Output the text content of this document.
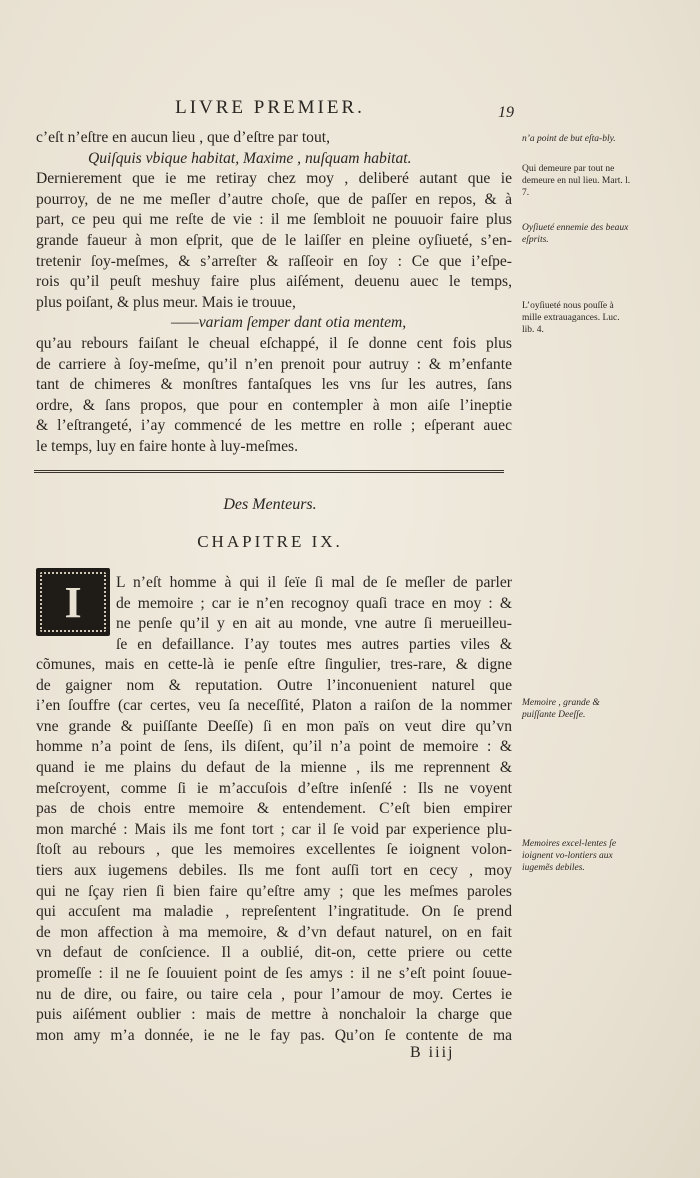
LIVRE PREMIER.	19
c’eſt n’eſtre en aucun lieu , que d’eſtre par tout,
Quiſquis vbique habitat, Maxime , nuſquam habitat.
Dernierement que ie me retiray chez moy , deliberé autant que ie
pourroy, de ne me meſler d’autre choſe, que de paſſer en repos, & à
part, ce peu qui me reſte de vie : il me ſembloit ne pouuoir faire plus
grande faueur à mon eſprit, que de le laiſſer en pleine oyſiueté, s’en-
tretenir ſoy-meſmes, & s’arreſter & raſſeoir en ſoy : Ce que i’eſpe-
rois qu’il peuſt meshuy faire plus aiſément, deuenu auec le temps,
plus poiſant, & plus meur. Mais ie trouue,
——variam ſemper dant otia mentem,
qu’au rebours faiſant le cheual eſchappé, il ſe donne cent fois plus
de carriere à ſoy-meſme, qu’il n’en prenoit pour autruy : & m’enfante
tant de chimeres & monſtres fantaſques les vns ſur les autres, ſans
ordre, & ſans propos, que pour en contempler à mon aiſe l’ineptie
& l’eſtrangeté, i’ay commencé de les mettre en rolle ; eſperant auec
le temps, luy en faire honte à luy-meſmes.
Des Menteurs.
CHAPITRE IX.
I L n’eſt homme à qui il ſeïe ſi mal de ſe meſler de parler
de memoire ; car ie n’en recognoy quaſi trace en moy : &
ne penſe qu’il y en ait au monde, vne autre ſi merueilleu-
ſe en defaillance. I’ay toutes mes autres parties viles &
cõmunes, mais en cette-là ie penſe eſtre ſingulier, tres-rare, & digne
de gaigner nom & reputation. Outre l’inconuenient naturel que
i’en ſouffre (car certes, veu ſa neceſſité, Platon a raiſon de la nommer
vne grande & puiſſante Deeſſe) ſi en mon païs on veut dire qu’vn
homme n’a point de ſens, ils diſent, qu’il n’a point de memoire : &
quand ie me plains du defaut de la mienne , ils me reprennent &
meſcroyent, comme ſi ie m’accuſois d’eſtre inſenſé : Ils ne voyent
pas de chois entre memoire & entendement. C’eſt bien empirer
mon marché : Mais ils me font tort ; car il ſe void par experience plu-
ſtoſt au rebours , que les memoires excellentes ſe ioignent volon-
tiers aux iugemens debiles. Ils me font auſſi tort en cecy , moy
qui ne ſçay rien ſi bien faire qu’eſtre amy ; que les meſmes paroles
qui accuſent ma maladie , repreſentent l’ingratitude. On ſe prend
de mon affection à ma memoire, & d’vn defaut naturel, on en fait
vn defaut de conſcience. Il a oublié, dit-on, cette priere ou cette
promeſſe : il ne ſe ſouuient point de ſes amys : il ne s’eſt point ſouue-
nu de dire, ou faire, ou taire cela , pour l’amour de moy. Certes ie
puis aiſément oublier : mais de mettre à nonchaloir la charge que
mon amy m’a donnée, ie ne le fay pas. Qu’on ſe contente de ma
B iiij
n’a point de but eſta-bly.
Qui demeure par tout ne demeure en nul lieu. Mart. l. 7.
Oyſiueté ennemie des beaux eſprits.
L’oyſiueté nous pouſſe à mille extrauagances. Luc. lib. 4.
Memoire , grande & puiſſante Deeſſe.
Memoires excel-lentes ſe ioignent vo-lontiers aux iugemẽs debiles.
